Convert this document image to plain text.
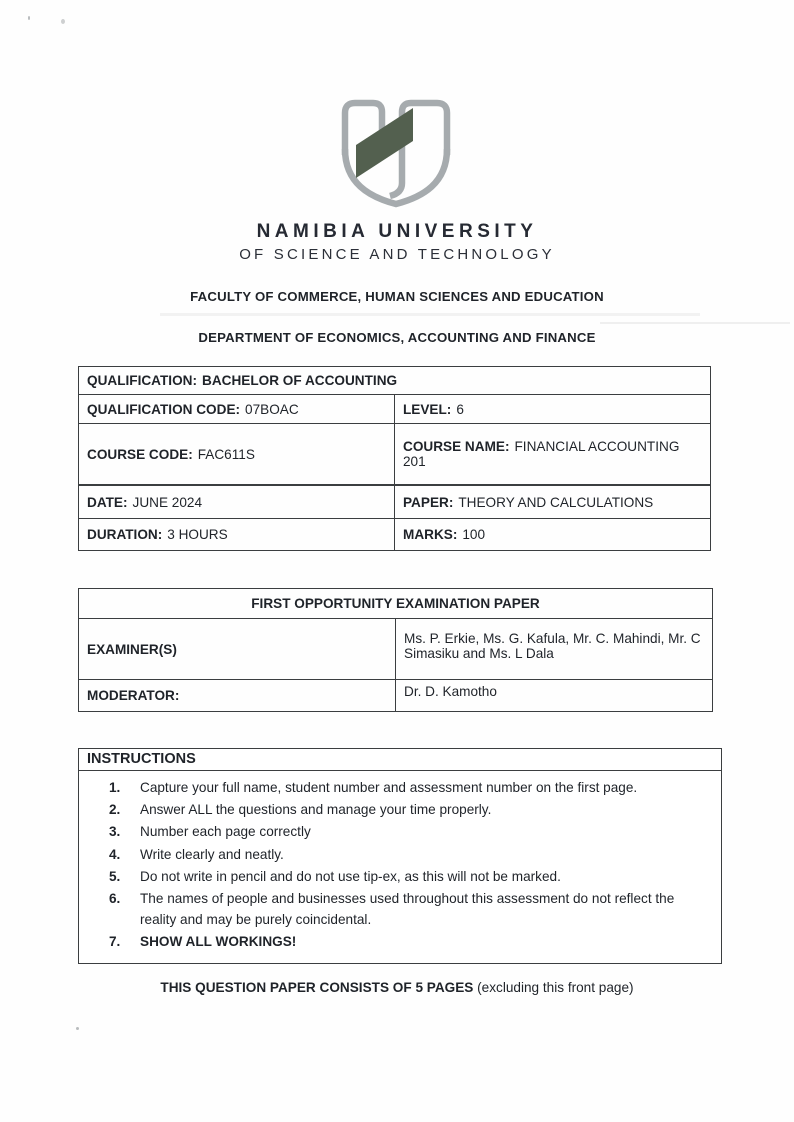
NAMIBIA UNIVERSITY
OF SCIENCE AND TECHNOLOGY
FACULTY OF COMMERCE, HUMAN SCIENCES AND EDUCATION
DEPARTMENT OF ECONOMICS, ACCOUNTING AND FINANCE
QUALIFICATION: BACHELOR OF ACCOUNTING	
QUALIFICATION CODE: 07BOAC	LEVEL: 6
COURSE CODE: FAC611S	COURSE NAME: FINANCIAL ACCOUNTING 201
DATE: JUNE 2024	PAPER: THEORY AND CALCULATIONS
DURATION: 3 HOURS	MARKS: 100
FIRST OPPORTUNITY EXAMINATION PAPER	
EXAMINER(S)	Ms. P. Erkie, Ms. G. Kafula, Mr. C. Mahindi, Mr. C Simasiku and Ms. L Dala
MODERATOR:	Dr. D. Kamotho
INSTRUCTIONS
1.	Capture your full name, student number and assessment number on the first page.
2.	Answer ALL the questions and manage your time properly.
3.	Number each page correctly
4.	Write clearly and neatly.
5.	Do not write in pencil and do not use tip-ex, as this will not be marked.
6.	The names of people and businesses used throughout this assessment do not reflect the reality and may be purely coincidental.
7.	SHOW ALL WORKINGS!
THIS QUESTION PAPER CONSISTS OF 5 PAGES (excluding this front page)
